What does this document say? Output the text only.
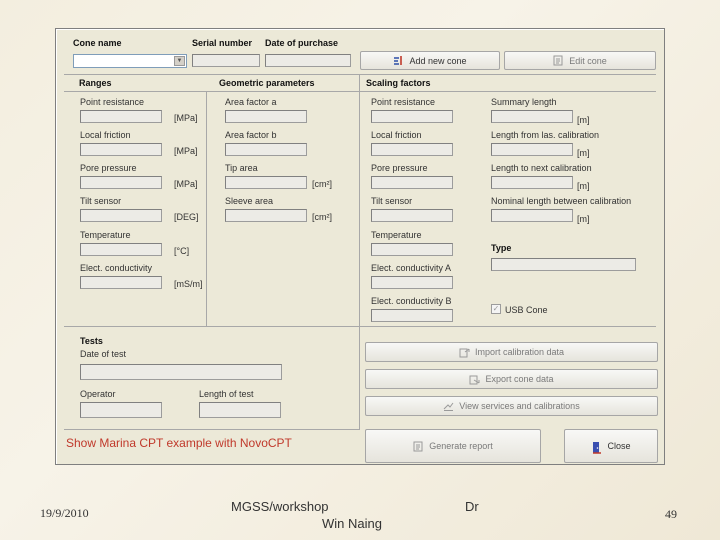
Cone name	Serial number Date of purchase
▼	Add new cone	Edit cone
Ranges	Geometric parameters	Scaling factors
Point resistance
[MPa]
Local friction
[MPa]
Pore pressure
[MPa]
Tilt sensor
[DEG]
Temperature
[°C]
Elect. conductivity
[mS/m]
Area factor a
Area factor b
Tip area
[cm²]
Sleeve area
[cm²]
Point resistance
Local friction
Pore pressure
Tilt sensor
Temperature
Elect. conductivity A
Elect. conductivity B
Summary length
[m]
Length from las. calibration
[m]
Length to next calibration
[m]
Nominal length between calibration
[m]
Type
✓ USB Cone
Tests
Date of test
Operator	Length of test
Import calibration data
Export cone data
View services and calibrations
Generate report	Close
Show Marina CPT example with NovoCPT
19/9/2010	MGSS/workshop
Win Naing
Dr	49
